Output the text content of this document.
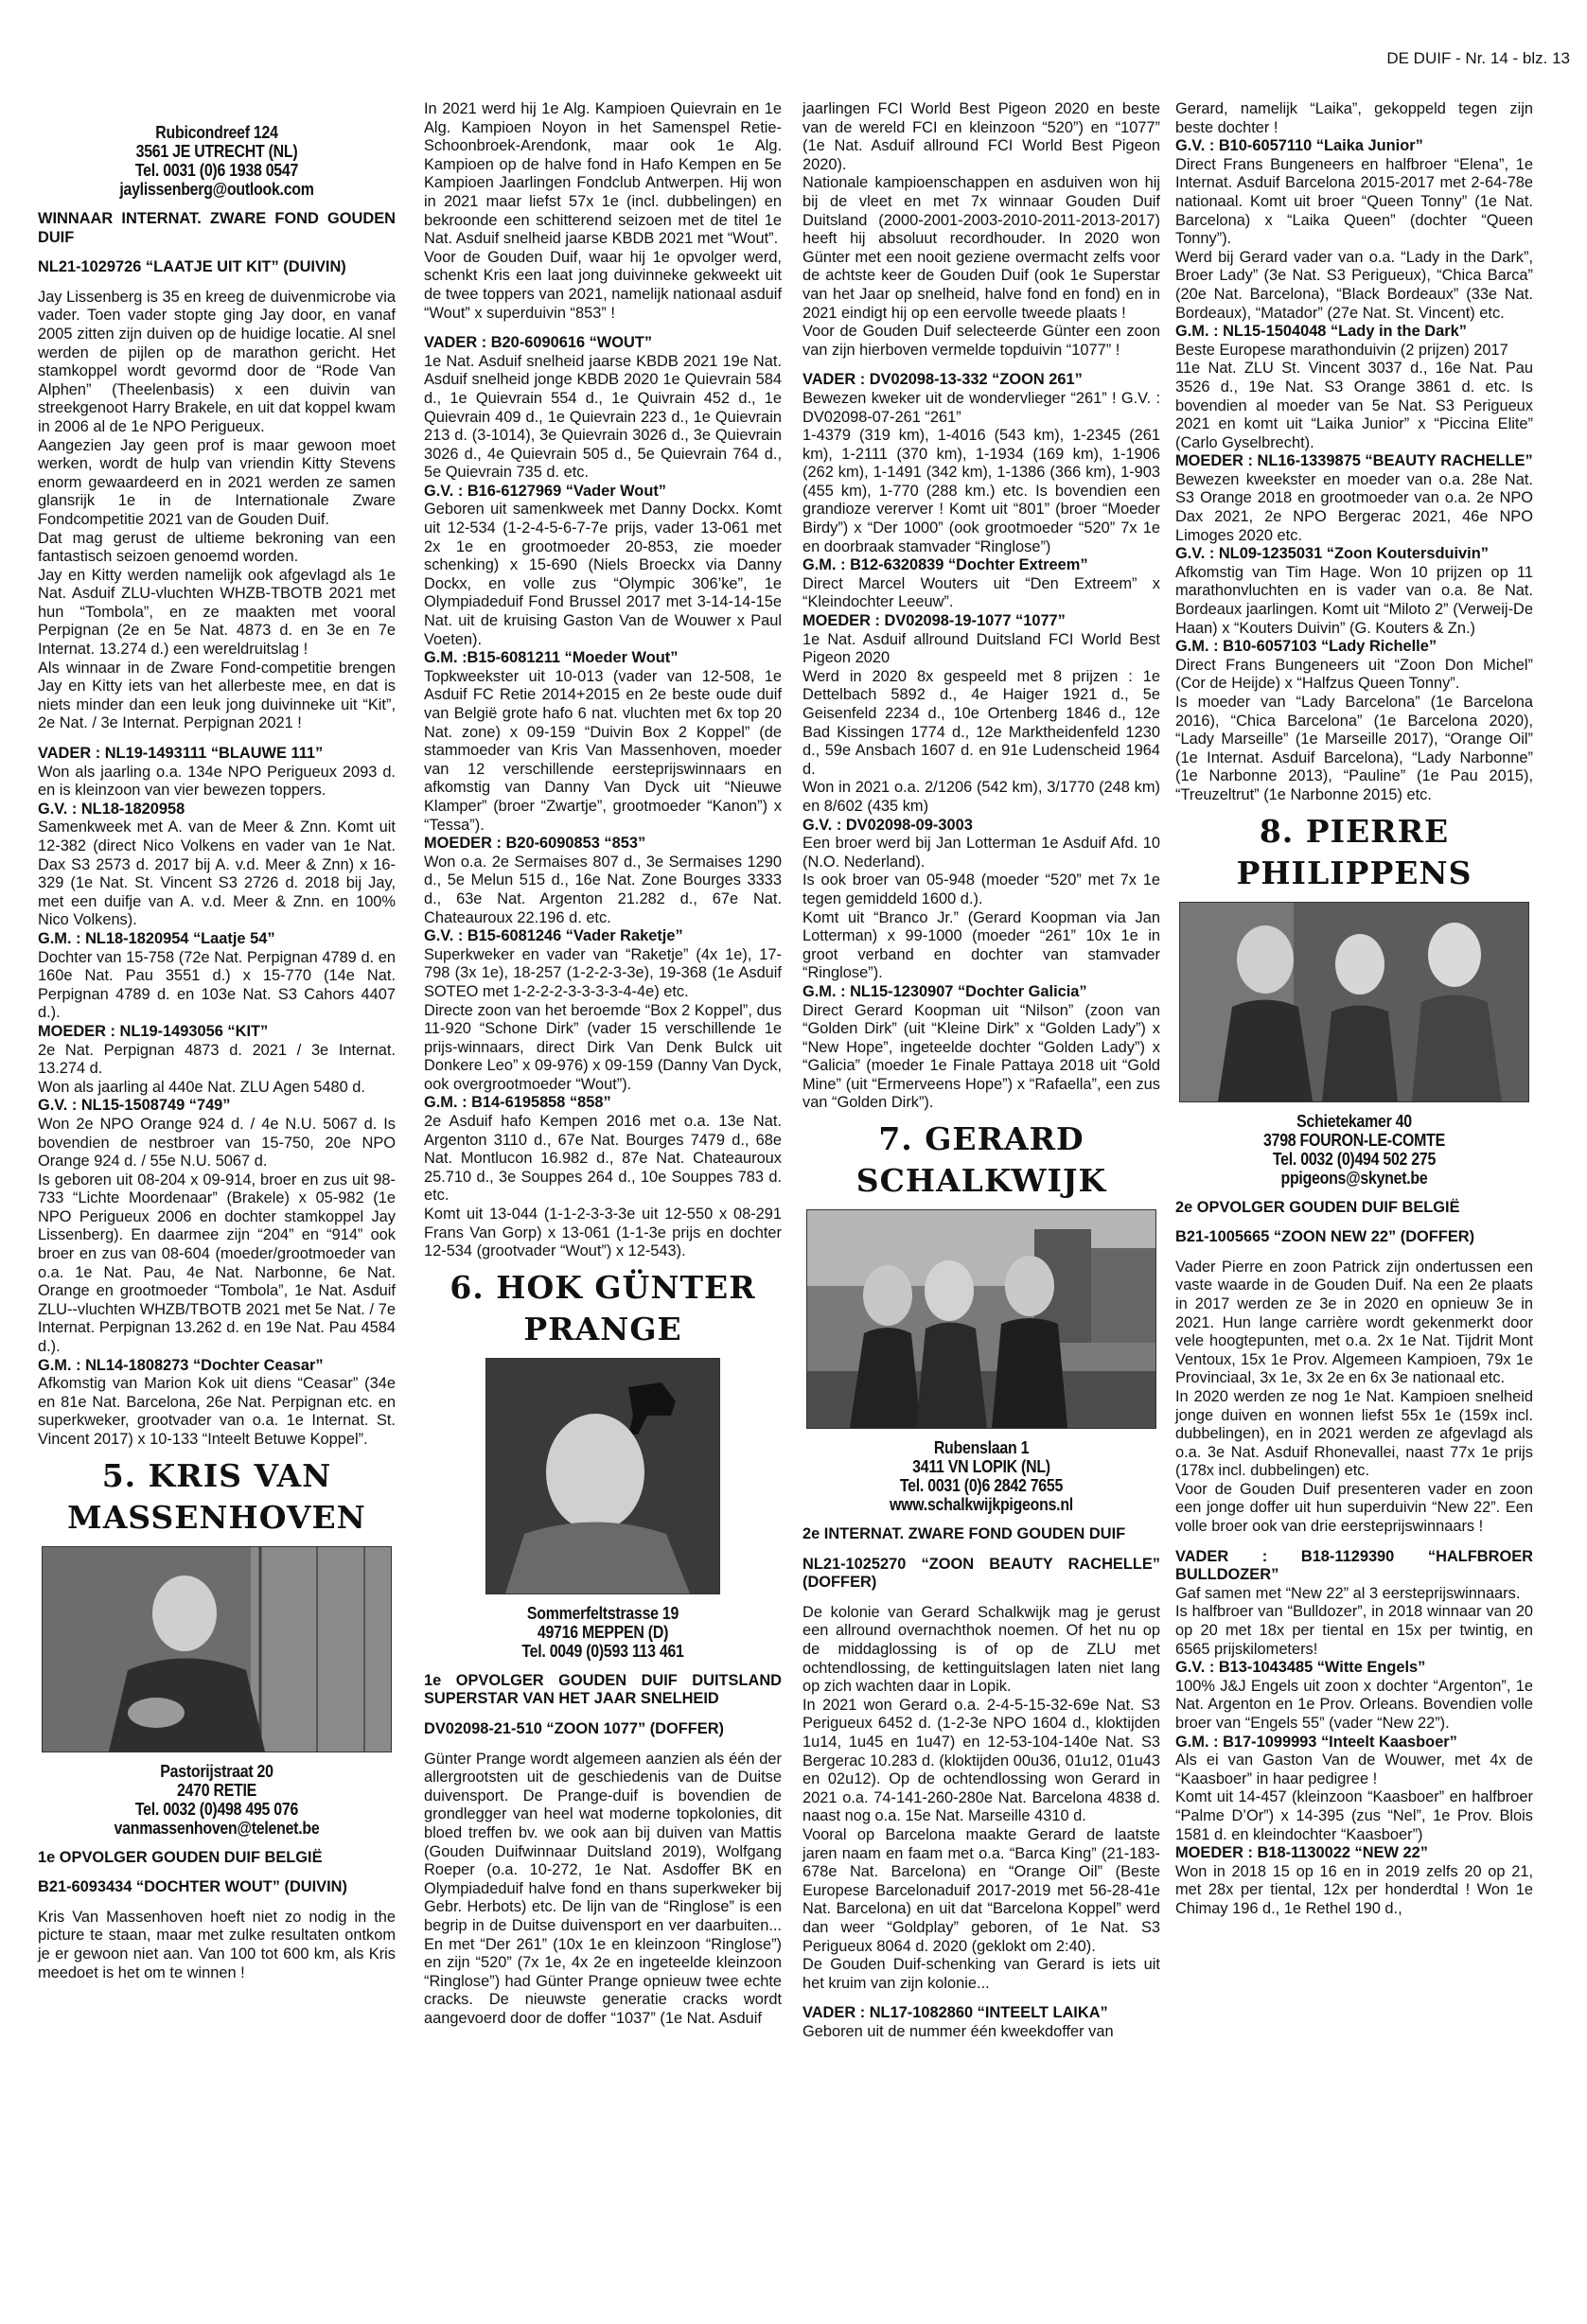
DE DUIF - Nr. 14 - blz. 13

Rubicondreef 124

3561 JE UTRECHT (NL)

Tel. 0031 (0)6 1938 0547

jaylissenberg@outlook.com

WINNAAR INTERNAT. ZWARE FOND GOUDEN DUIF

NL21-1029726 “LAATJE UIT KIT” (DUIVIN)

Jay Lissenberg is 35 en kreeg de duivenmicrobe via vader. Toen vader stopte ging Jay door, en vanaf 2005 zitten zijn duiven op de huidige locatie. Al snel werden de pijlen op de marathon gericht. Het stamkoppel wordt gevormd door de “Rode Van Alphen” (Theelenbasis) x een duivin van streekgenoot Harry Brakele, en uit dat koppel kwam in 2006 al de 1e NPO Perigueux.

Aangezien Jay geen prof is maar gewoon moet werken, wordt de hulp van vriendin Kitty Stevens enorm gewaardeerd en in 2021 werden ze samen glansrijk 1e in de Internationale Zware Fondcompetitie 2021 van de Gouden Duif.

Dat mag gerust de ultieme bekroning van een fantastisch seizoen genoemd worden.

Jay en Kitty werden namelijk ook afgevlagd als 1e Nat. Asduif ZLU-vluchten WHZB-TBOTB 2021 met hun “Tombola”, en ze maakten met vooral Perpignan (2e en 5e Nat. 4873 d. en 3e en 7e Internat. 13.274 d.) een wereldruitslag !

Als winnaar in de Zware Fond-competitie brengen Jay en Kitty iets van het allerbeste mee, en dat is niets minder dan een leuk jong duivinneke uit “Kit”, 2e Nat. / 3e Internat. Perpignan 2021 !

VADER : NL19-1493111 “BLAUWE 111”

Won als jaarling o.a. 134e NPO Perigueux 2093 d. en is kleinzoon van vier bewezen toppers.

G.V. : NL18-1820958

Samenkweek met A. van de Meer & Znn. Komt uit 12-382 (direct Nico Volkens en vader van 1e Nat. Dax S3 2573 d. 2017 bij A. v.d. Meer & Znn) x 16-329 (1e Nat. St. Vincent S3 2726 d. 2018 bij Jay, met een duifje van A. v.d. Meer & Znn. en 100% Nico Volkens).

G.M. : NL18-1820954 “Laatje 54”

Dochter van 15-758 (72e Nat. Perpignan 4789 d. en 160e Nat. Pau 3551 d.) x 15-770 (14e Nat. Perpignan 4789 d. en 103e Nat. S3 Cahors 4407 d.).

MOEDER : NL19-1493056 “KIT”

2e Nat. Perpignan 4873 d. 2021 / 3e Internat. 13.274 d.

Won als jaarling al 440e Nat. ZLU Agen 5480 d.

G.V. : NL15-1508749 “749”

Won 2e NPO Orange 924 d. / 4e N.U. 5067 d. Is bovendien de nestbroer van 15-750, 20e NPO Orange 924 d. / 55e N.U. 5067 d.

Is geboren uit 08-204 x 09-914, broer en zus uit 98-733 “Lichte Moordenaar” (Brakele) x 05-982 (1e NPO Perigueux 2006 en dochter stamkoppel Jay Lissenberg). En daarmee zijn “204” en “914” ook broer en zus van 08-604 (moeder/grootmoeder van o.a. 1e Nat. Pau, 4e Nat. Narbonne, 6e Nat. Orange en grootmoeder “Tombola”, 1e Nat. Asduif ZLU--vluchten WHZB/TBOTB 2021 met 5e Nat. / 7e Internat. Perpignan 13.262 d. en 19e Nat. Pau 4584 d.).

G.M. : NL14-1808273 “Dochter Ceasar”

Afkomstig van Marion Kok uit diens “Ceasar” (34e en 81e Nat. Barcelona, 26e Nat. Perpignan etc. en superkweker, grootvader van o.a. 1e Internat. St. Vincent 2017) x 10-133 “Inteelt Betuwe Koppel”.

5. KRIS VAN MASSENHOVEN

Pastorijstraat 20

2470 RETIE

Tel. 0032 (0)498 495 076

vanmassenhoven@telenet.be

1e OPVOLGER GOUDEN DUIF BELGIË

B21-6093434 “DOCHTER WOUT” (DUIVIN)

Kris Van Massenhoven hoeft niet zo nodig in the picture te staan, maar met zulke resultaten ontkom je er gewoon niet aan. Van 100 tot 600 km, als Kris meedoet is het om te winnen !

In 2021 werd hij 1e Alg. Kampioen Quievrain en 1e Alg. Kampioen Noyon in het Samenspel Retie-Schoonbroek-Arendonk, maar ook 1e Alg. Kampioen op de halve fond in Hafo Kempen en 5e Kampioen Jaarlingen Fondclub Antwerpen. Hij won in 2021 maar liefst 57x 1e (incl. dubbelingen) en bekroonde een schitterend seizoen met de titel 1e Nat. Asduif snelheid jaarse KBDB 2021 met “Wout”.

Voor de Gouden Duif, waar hij 1e opvolger werd, schenkt Kris een laat jong duivinneke gekweekt uit de twee toppers van 2021, namelijk nationaal asduif “Wout” x superduivin “853” !

VADER : B20-6090616 “WOUT”

1e Nat. Asduif snelheid jaarse KBDB 2021 19e Nat. Asduif snelheid jonge KBDB 2020 1e Quievrain 584 d., 1e Quievrain 554 d., 1e Quivrain 452 d., 1e Quievrain 409 d., 1e Quievrain 223 d., 1e Quievrain 213 d. (3-1014), 3e Quievrain 3026 d., 3e Quievrain 3026 d., 4e Quievrain 505 d., 5e Quievrain 764 d., 5e Quievrain 735 d. etc.

G.V. : B16-6127969 “Vader Wout”

Geboren uit samenkweek met Danny Dockx. Komt uit 12-534 (1-2-4-5-6-7-7e prijs, vader 13-061 met 2x 1e en grootmoeder 20-853, zie moeder schenking) x 15-690 (Niels Broeckx via Danny Dockx, en volle zus “Olympic 306’ke”, 1e Olympiadeduif Fond Brussel 2017 met 3-14-14-15e Nat. uit de kruising Gaston Van de Wouwer x Paul Voeten).

G.M. :B15-6081211 “Moeder Wout”

Topkweekster uit 10-013 (vader van 12-508, 1e Asduif FC Retie 2014+2015 en 2e beste oude duif van België grote hafo 6 nat. vluchten met 6x top 20 Nat. zone) x 09-159 “Duivin Box 2 Koppel” (de stammoeder van Kris Van Massenhoven, moeder van 12 verschillende eersteprijswinnaars en afkomstig van Danny Van Dyck uit “Nieuwe Klamper” (broer “Zwartje”, grootmoeder “Kanon”) x “Tessa”).

MOEDER : B20-6090853 “853”

Won o.a. 2e Sermaises 807 d., 3e Sermaises 1290 d., 5e Melun 515 d., 16e Nat. Zone Bourges 3333 d., 63e Nat. Argenton 21.282 d., 67e Nat. Chateauroux 22.196 d. etc.

G.V. : B15-6081246 “Vader Raketje”

Superkweker en vader van “Raketje” (4x 1e), 17-798 (3x 1e), 18-257 (1-2-2-3-3e), 19-368 (1e Asduif SOTEO met 1-2-2-2-3-3-3-3-4-4e) etc.

Directe zoon van het beroemde “Box 2 Koppel”, dus 11-920 “Schone Dirk” (vader 15 verschillende 1e prijs-winnaars, direct Dirk Van Denk Bulck uit Donkere Leo” x 09-976) x 09-159 (Danny Van Dyck, ook overgrootmoeder “Wout”).

G.M. : B14-6195858 “858”

2e Asduif hafo Kempen 2016 met o.a. 13e Nat. Argenton 3110 d., 67e Nat. Bourges 7479 d., 68e Nat. Montlucon 16.982 d., 87e Nat. Chateauroux 25.710 d., 3e Souppes 264 d., 10e Souppes 783 d. etc.

Komt uit 13-044 (1-1-2-3-3-3e uit 12-550 x 08-291 Frans Van Gorp) x 13-061 (1-1-3e prijs en dochter 12-534 (grootvader “Wout”) x 12-543).

6. HOK GÜNTER PRANGE

Sommerfeltstrasse 19

49716 MEPPEN (D)

Tel. 0049 (0)593 113 461

1e OPVOLGER GOUDEN DUIF DUITSLAND SUPERSTAR VAN HET JAAR SNELHEID

DV02098-21-510 “ZOON 1077” (DOFFER)

Günter Prange wordt algemeen aanzien als één der allergrootsten uit de geschiedenis van de Duitse duivensport. De Prange-duif is bovendien de grondlegger van heel wat moderne topkolonies, dit bloed treffen bv. we ook aan bij duiven van Mattis (Gouden Duifwinnaar Duitsland 2019), Wolfgang Roeper (o.a. 10-272, 1e Nat. Asdoffer BK en Olympiadeduif halve fond en thans superkweker bij Gebr. Herbots) etc. De lijn van de “Ringlose” is een begrip in de Duitse duivensport en ver daarbuiten... En met “Der 261” (10x 1e en kleinzoon “Ringlose”) en zijn “520” (7x 1e, 4x 2e en ingeteelde kleinzoon “Ringlose”) had Günter Prange opnieuw twee echte cracks. De nieuwste generatie cracks wordt aangevoerd door de doffer “1037” (1e Nat. Asduif

jaarlingen FCI World Best Pigeon 2020 en beste van de wereld FCI en kleinzoon “520”) en “1077” (1e Nat. Asduif allround FCI World Best Pigeon 2020).

Nationale kampioenschappen en asduiven won hij bij de vleet en met 7x winnaar Gouden Duif Duitsland (2000-2001-2003-2010-2011-2013-2017) heeft hij absoluut recordhouder. In 2020 won Günter met een nooit geziene overmacht zelfs voor de achtste keer de Gouden Duif (ook 1e Superstar van het Jaar op snelheid, halve fond en fond) en in 2021 eindigt hij op een eervolle tweede plaats !

Voor de Gouden Duif selecteerde Günter een zoon van zijn hierboven vermelde topduivin “1077” !

VADER : DV02098-13-332 “ZOON 261”

Bewezen kweker uit de wondervlieger “261” ! G.V. : DV02098-07-261 “261”

1-4379 (319 km), 1-4016 (543 km), 1-2345 (261 km), 1-2111 (370 km), 1-1934 (169 km), 1-1906 (262 km), 1-1491 (342 km), 1-1386 (366 km), 1-903 (455 km), 1-770 (288 km.) etc. Is bovendien een grandioze vererver ! Komt uit “801” (broer “Moeder Birdy”) x “Der 1000” (ook grootmoeder “520” 7x 1e en doorbraak stamvader “Ringlose”)

G.M. : B12-6320839 “Dochter Extreem”

Direct Marcel Wouters uit “Den Extreem” x “Kleindochter Leeuw”.

MOEDER : DV02098-19-1077 “1077”

1e Nat. Asduif allround Duitsland FCI World Best Pigeon 2020

Werd in 2020 8x gespeeld met 8 prijzen : 1e Dettelbach 5892 d., 4e Haiger 1921 d., 5e Geisenfeld 2234 d., 10e Ortenberg 1846 d., 12e Bad Kissingen 1774 d., 12e Marktheidenfeld 1230 d., 59e Ansbach 1607 d. en 91e Ludenscheid 1964 d.

Won in 2021 o.a. 2/1206 (542 km), 3/1770 (248 km) en 8/602 (435 km)

G.V. : DV02098-09-3003

Een broer werd bij Jan Lotterman 1e Asduif Afd. 10 (N.O. Nederland).

Is ook broer van 05-948 (moeder “520” met 7x 1e tegen gemiddeld 1600 d.).

Komt uit “Branco Jr.” (Gerard Koopman via Jan Lotterman) x 99-1000 (moeder “261” 10x 1e in groot verband en dochter van stamvader “Ringlose”).

G.M. : NL15-1230907 “Dochter Galicia”

Direct Gerard Koopman uit “Nilson” (zoon van “Golden Dirk” (uit “Kleine Dirk” x “Golden Lady”) x “New Hope”, ingeteelde dochter “Golden Lady”) x “Galicia” (moeder 1e Finale Pattaya 2018 uit “Gold Mine” (uit “Ermerveens Hope”) x “Rafaella”, een zus van “Golden Dirk”).

7. GERARD SCHALKWIJK

Rubenslaan 1

3411 VN LOPIK (NL)

Tel. 0031 (0)6 2842 7655

www.schalkwijkpigeons.nl

2e INTERNAT. ZWARE FOND GOUDEN DUIF

NL21-1025270 “ZOON BEAUTY RACHELLE” (DOFFER)

De kolonie van Gerard Schalkwijk mag je gerust een allround overnachthok noemen. Of het nu op de middaglossing is of op de ZLU met ochtendlossing, de kettinguitslagen laten niet lang op zich wachten daar in Lopik.

In 2021 won Gerard o.a. 2-4-5-15-32-69e Nat. S3 Perigueux 6452 d. (1-2-3e NPO 1604 d., kloktijden 1u14, 1u45 en 1u47) en 12-53-104-140e Nat. S3 Bergerac 10.283 d. (kloktijden 00u36, 01u12, 01u43 en 02u12). Op de ochtendlossing won Gerard in 2021 o.a. 74-141-260-280e Nat. Barcelona 4838 d. naast nog o.a. 15e Nat. Marseille 4310 d.

Vooral op Barcelona maakte Gerard de laatste jaren naam en faam met o.a. “Barca King” (21-183-678e Nat. Barcelona) en “Orange Oil” (Beste Europese Barcelonaduif 2017-2019 met 56-28-41e Nat. Barcelona) en uit dat “Barcelona Koppel” werd dan weer “Goldplay” geboren, of 1e Nat. S3 Perigueux 8064 d. 2020 (geklokt om 2:40).

De Gouden Duif-schenking van Gerard is iets uit het kruim van zijn kolonie...

VADER : NL17-1082860 “INTEELT LAIKA”

Geboren uit de nummer één kweekdoffer van

Gerard, namelijk “Laika”, gekoppeld tegen zijn beste dochter !

G.V. : B10-6057110 “Laika Junior”

Direct Frans Bungeneers en halfbroer “Elena”, 1e Internat. Asduif Barcelona 2015-2017 met 2-64-78e nationaal. Komt uit broer “Queen Tonny” (1e Nat. Barcelona) x “Laika Queen” (dochter “Queen Tonny”).

Werd bij Gerard vader van o.a. “Lady in the Dark”, Broer Lady” (3e Nat. S3 Perigueux), “Chica Barca” (20e Nat. Barcelona), “Black Bordeaux” (33e Nat. Bordeaux), “Matador” (27e Nat. St. Vincent) etc.

G.M. : NL15-1504048 “Lady in the Dark”

Beste Europese marathonduivin (2 prijzen) 2017

11e Nat. ZLU St. Vincent 3037 d., 16e Nat. Pau 3526 d., 19e Nat. S3 Orange 3861 d. etc. Is bovendien al moeder van 5e Nat. S3 Perigueux 2021 en komt uit “Laika Junior” x “Piccina Elite” (Carlo Gyselbrecht).

MOEDER : NL16-1339875 “BEAUTY RACHELLE”

Bewezen kweekster en moeder van o.a. 28e Nat. S3 Orange 2018 en grootmoeder van o.a. 2e NPO Dax 2021, 2e NPO Bergerac 2021, 46e NPO Limoges 2020 etc.

G.V. : NL09-1235031 “Zoon Koutersduivin”

Afkomstig van Tim Hage. Won 10 prijzen op 11 marathonvluchten en is vader van o.a. 8e Nat. Bordeaux jaarlingen. Komt uit “Miloto 2” (Verweij-De Haan) x “Kouters Duivin” (G. Kouters & Zn.)

G.M. : B10-6057103 “Lady Richelle”

Direct Frans Bungeneers uit “Zoon Don Michel” (Cor de Heijde) x “Halfzus Queen Tonny”.

Is moeder van “Lady Barcelona” (1e Barcelona 2016), “Chica Barcelona” (1e Barcelona 2020), “Lady Marseille” (1e Marseille 2017), “Orange Oil” (1e Internat. Asduif Barcelona), “Lady Narbonne” (1e Narbonne 2013), “Pauline” (1e Pau 2015), “Treuzeltrut” (1e Narbonne 2015) etc.

8. PIERRE PHILIPPENS

Schietekamer 40

3798 FOURON-LE-COMTE

Tel. 0032 (0)494 502 275

ppigeons@skynet.be

2e OPVOLGER GOUDEN DUIF BELGIË

B21-1005665 “ZOON NEW 22” (DOFFER)

Vader Pierre en zoon Patrick zijn ondertussen een vaste waarde in de Gouden Duif. Na een 2e plaats in 2017 werden ze 3e in 2020 en opnieuw 3e in 2021. Hun lange carrière wordt gekenmerkt door vele hoogtepunten, met o.a. 2x 1e Nat. Tijdrit Mont Ventoux, 15x 1e Prov. Algemeen Kampioen, 79x 1e Provinciaal, 3x 1e, 3x 2e en 6x 3e nationaal etc.

In 2020 werden ze nog 1e Nat. Kampioen snelheid jonge duiven en wonnen liefst 55x 1e (159x incl. dubbelingen), en in 2021 werden ze afgevlagd als o.a. 3e Nat. Asduif Rhonevallei, naast 77x 1e prijs (178x incl. dubbelingen) etc.

Voor de Gouden Duif presenteren vader en zoon een jonge doffer uit hun superduivin “New 22”. Een volle broer ook van drie eersteprijswinnaars !

VADER : B18-1129390 “HALFBROER BULLDOZER”

Gaf samen met “New 22” al 3 eersteprijswinnaars.

Is halfbroer van “Bulldozer”, in 2018 winnaar van 20 op 20 met 18x per tiental en 15x per twintig, en 6565 prijskilometers!

G.V. : B13-1043485 “Witte Engels”

100% J&J Engels uit zoon x dochter “Argenton”, 1e Nat. Argenton en 1e Prov. Orleans. Bovendien volle broer van “Engels 55” (vader “New 22”).

G.M. : B17-1099993 “Inteelt Kaasboer”

Als ei van Gaston Van de Wouwer, met 4x de “Kaasboer” in haar pedigree !

Komt uit 14-457 (kleinzoon “Kaasboer” en halfbroer “Palme D’Or”) x 14-395 (zus “Nel”, 1e Prov. Blois 1581 d. en kleindochter “Kaasboer”)

MOEDER : B18-1130022 “NEW 22”

Won in 2018 15 op 16 en in 2019 zelfs 20 op 21, met 28x per tiental, 12x per honderdtal ! Won 1e Chimay 196 d., 1e Rethel 190 d.,
